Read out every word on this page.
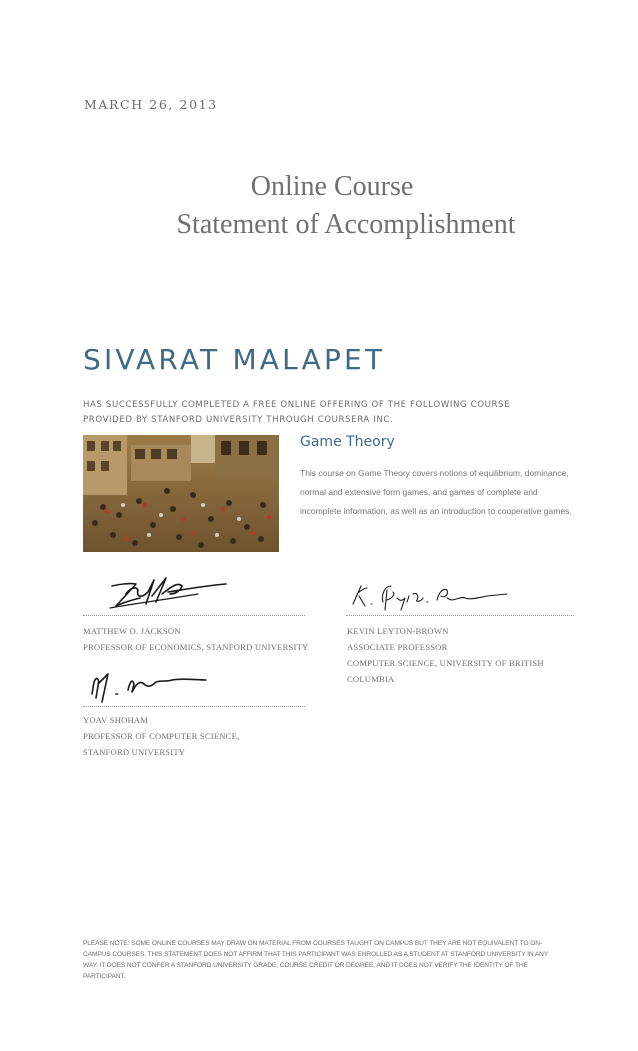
MARCH 26, 2013
Online Course
Statement of Accomplishment
SIVARAT MALAPET
HAS SUCCESSFULLY COMPLETED A FREE ONLINE OFFERING OF THE FOLLOWING COURSE
PROVIDED BY STANFORD UNIVERSITY THROUGH COURSERA INC.
Game Theory
This course on Game Theory covers notions of equilibrium, dominance, normal and extensive form games, and games of complete and incomplete information, as well as an introduction to cooperative games.
MATTHEW O. JACKSON
PROFESSOR OF ECONOMICS, STANFORD UNIVERSITY
KEVIN LEYTON-BROWN
ASSOCIATE PROFESSOR
COMPUTER SCIENCE, UNIVERSITY OF BRITISH COLUMBIA
YOAV SHOHAM
PROFESSOR OF COMPUTER SCIENCE, STANFORD UNIVERSITY
PLEASE NOTE: SOME ONLINE COURSES MAY DRAW ON MATERIAL FROM COURSES TAUGHT ON CAMPUS BUT THEY ARE NOT EQUIVALENT TO ON-CAMPUS COURSES. THIS STATEMENT DOES NOT AFFIRM THAT THIS PARTICIPANT WAS ENROLLED AS A STUDENT AT STANFORD UNIVERSITY IN ANY WAY. IT DOES NOT CONFER A STANFORD UNIVERSITY GRADE, COURSE CREDIT OR DEGREE, AND IT DOES NOT VERIFY THE IDENTITY OF THE PARTICIPANT.
